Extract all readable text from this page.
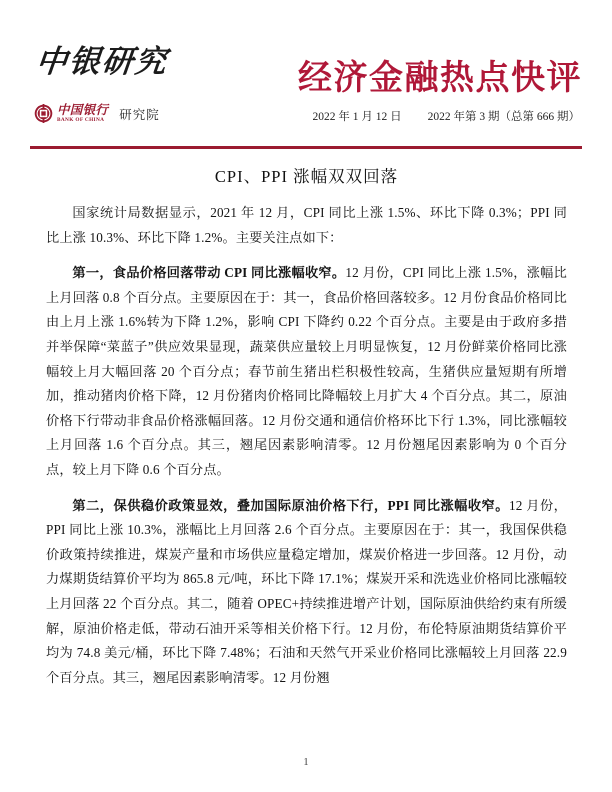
中银研究
中国银行
BANK OF CHINA	研究院
经济金融热点快评
2022 年 1 月 12 日 2022 年第 3 期（总第 666 期）
CPI、PPI 涨幅双双回落

国家统计局数据显示，2021 年 12 月，CPI 同比上涨 1.5%、环比下降 0.3%；PPI 同比上涨 10.3%、环比下降 1.2%。主要关注点如下：

第一，食品价格回落带动 CPI 同比涨幅收窄。12 月份，CPI 同比上涨 1.5%，涨幅比上月回落 0.8 个百分点。主要原因在于：其一，食品价格回落较多。12 月份食品价格同比由上月上涨 1.6%转为下降 1.2%，影响 CPI 下降约 0.22 个百分点。主要是由于政府多措并举保障“菜蓝子”供应效果显现，蔬菜供应量较上月明显恢复，12 月份鲜菜价格同比涨幅较上月大幅回落 20 个百分点；春节前生猪出栏积极性较高，生猪供应量短期有所增加，推动猪肉价格下降，12 月份猪肉价格同比降幅较上月扩大 4 个百分点。其二，原油价格下行带动非食品价格涨幅回落。12 月份交通和通信价格环比下行 1.3%，同比涨幅较上月回落 1.6 个百分点。其三，翘尾因素影响清零。12 月份翘尾因素影响为 0 个百分点，较上月下降 0.6 个百分点。

第二，保供稳价政策显效，叠加国际原油价格下行，PPI 同比涨幅收窄。12 月份，PPI 同比上涨 10.3%，涨幅比上月回落 2.6 个百分点。主要原因在于：其一，我国保供稳价政策持续推进，煤炭产量和市场供应量稳定增加，煤炭价格进一步回落。12 月份，动力煤期货结算价平均为 865.8 元/吨，环比下降 17.1%；煤炭开采和洗选业价格同比涨幅较上月回落 22 个百分点。其二，随着 OPEC+持续推进增产计划，国际原油供给约束有所缓解，原油价格走低，带动石油开采等相关价格下行。12 月份，布伦特原油期货结算价平均为 74.8 美元/桶，环比下降 7.48%；石油和天然气开采业价格同比涨幅较上月回落 22.9 个百分点。其三，翘尾因素影响清零。12 月份翘

1
